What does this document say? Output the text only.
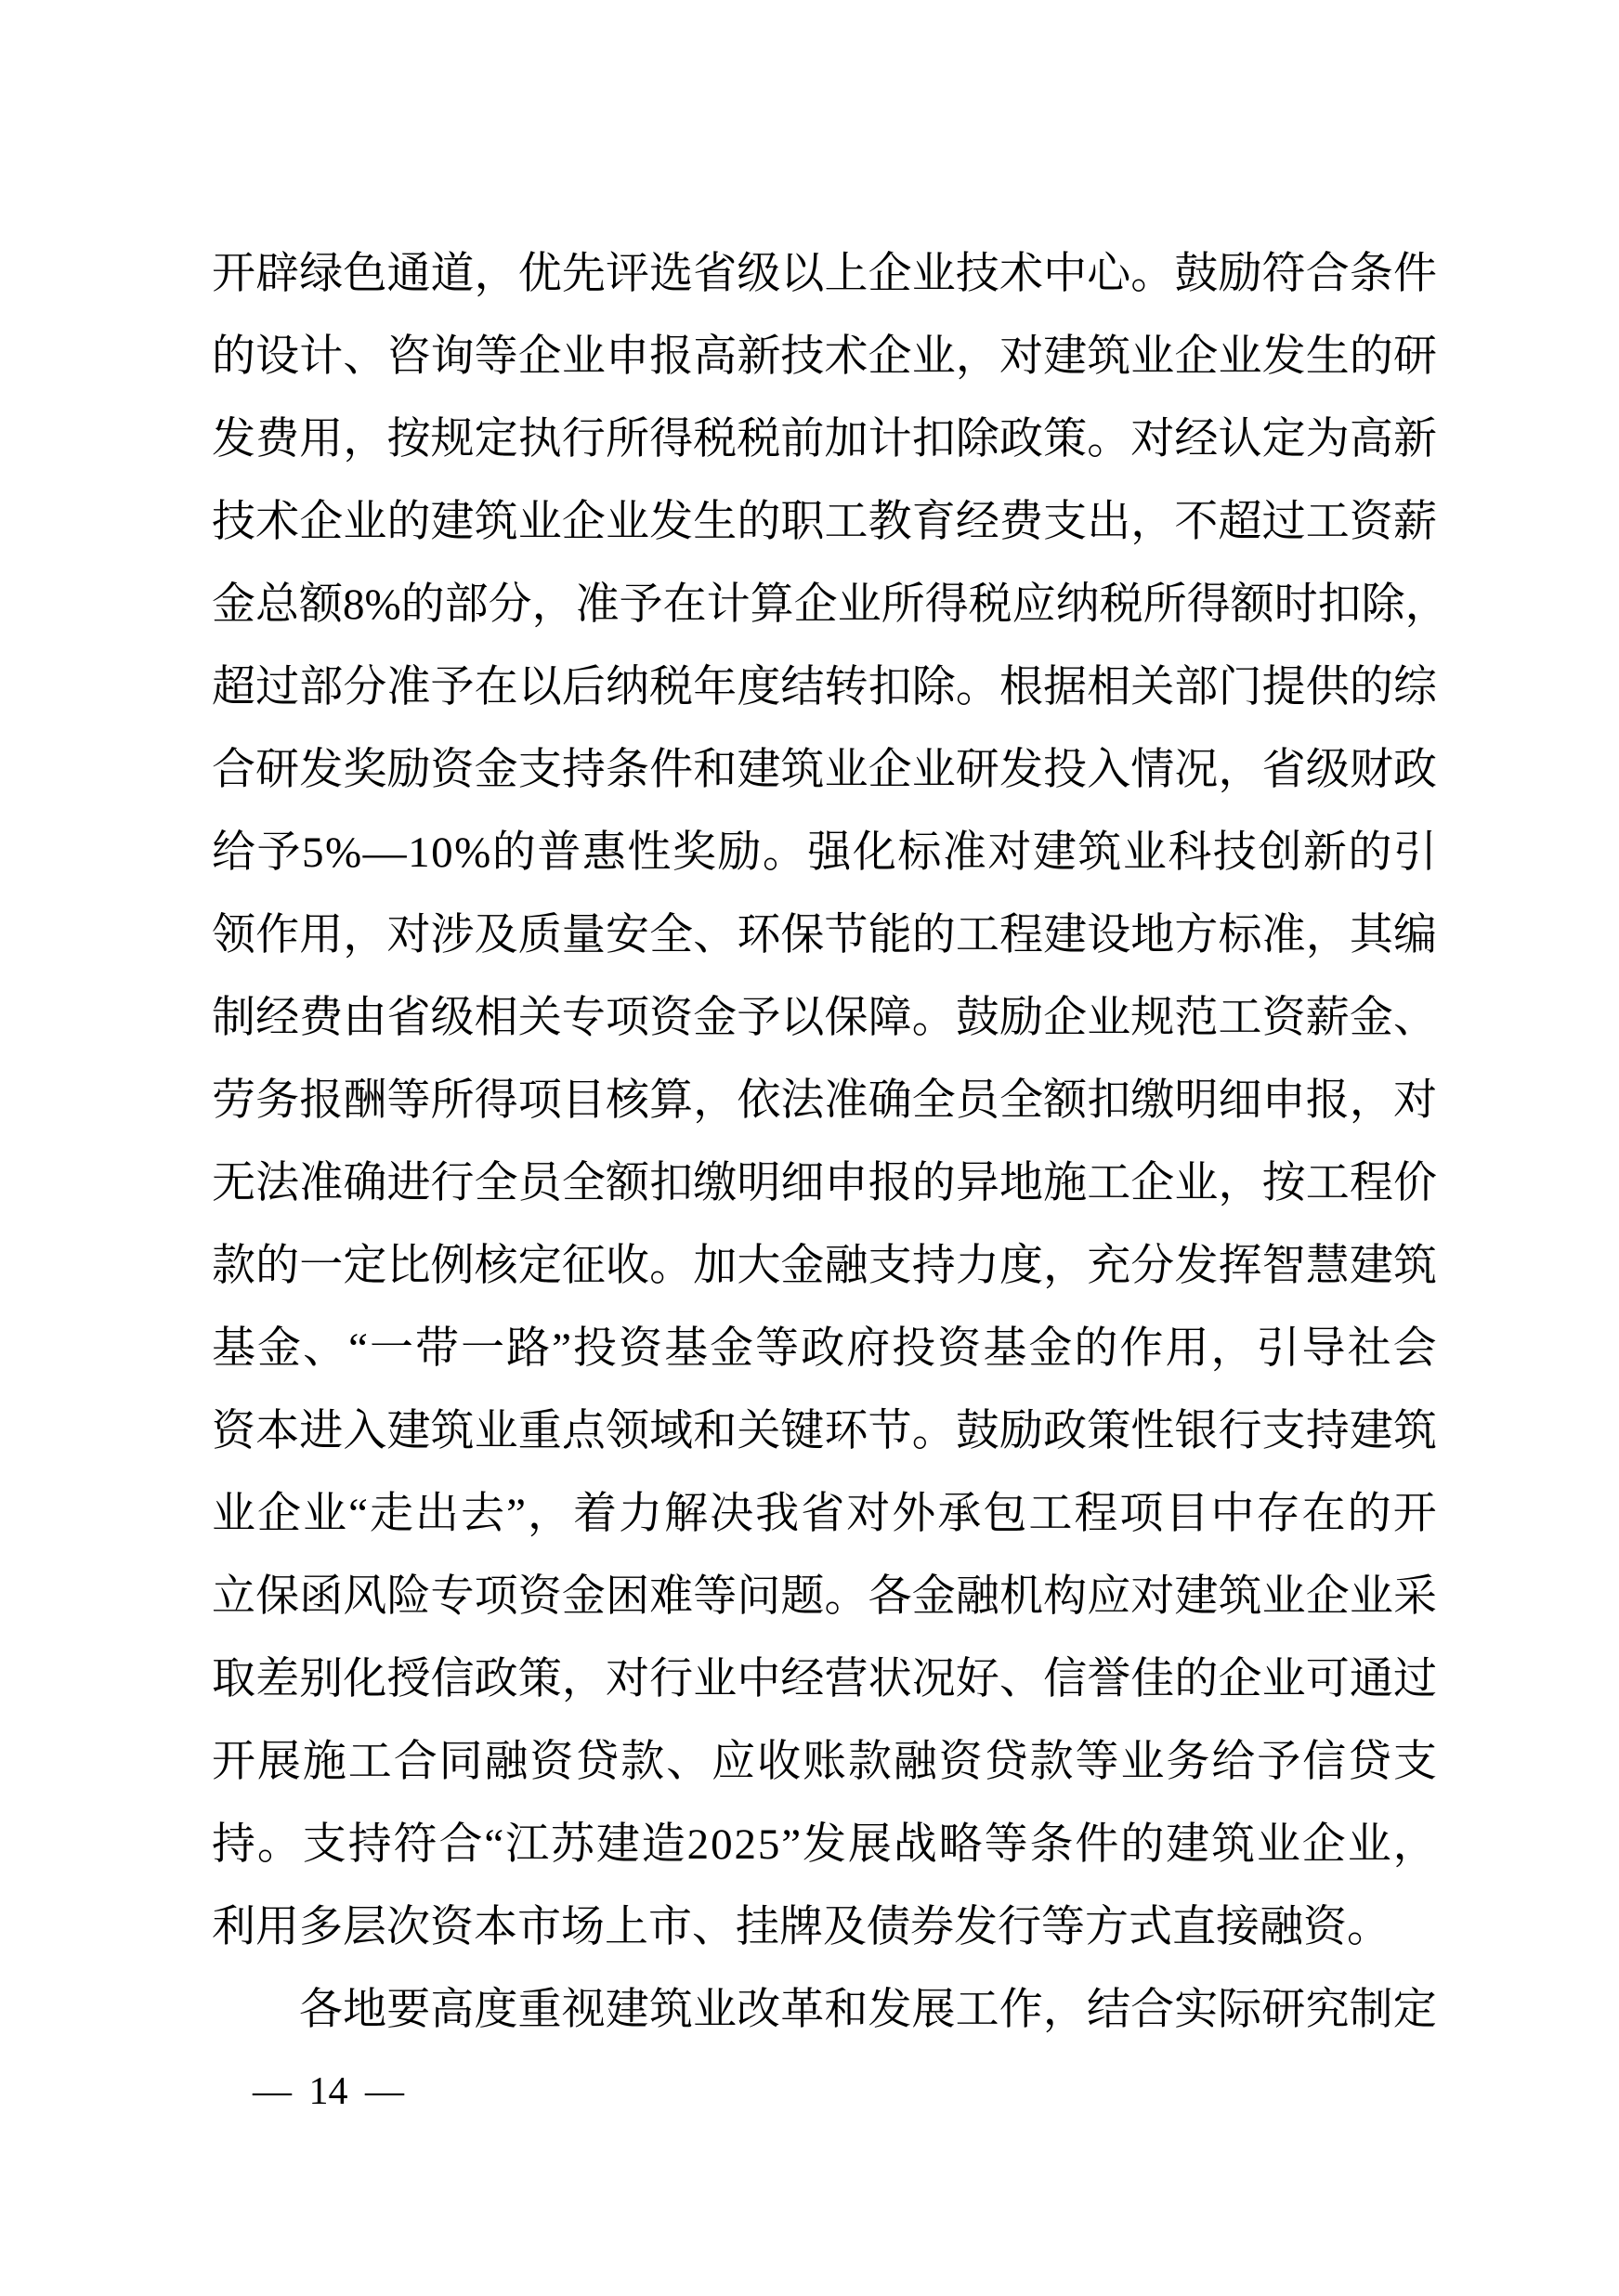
开 辟 绿 色 通 道 ， 优 先 评 选 省 级 以 上 企 业 技 术 中 心 。 鼓 励 符 合 条 件
的 设 计 、 咨 询 等 企 业 申 报 高 新 技 术 企 业 ， 对 建 筑 业 企 业 发 生 的 研
发 费 用 ， 按 规 定 执 行 所 得 税 税 前 加 计 扣 除 政 策 。 对 经 认 定 为 高 新
技 术 企 业 的 建 筑 业 企 业 发 生 的 职 工 教 育 经 费 支 出 ， 不 超 过 工 资 薪
金 总 额 8 % 的 部 分 ， 准 予 在 计 算 企 业 所 得 税 应 纳 税 所 得 额 时 扣 除 ，
超 过 部 分 准 予 在 以 后 纳 税 年 度 结 转 扣 除 。 根 据 相 关 部 门 提 供 的 综
合 研 发 奖 励 资 金 支 持 条 件 和 建 筑 业 企 业 研 发 投 入 情 况 ， 省 级 财 政
给 予 5 % — 1 0 % 的 普 惠 性 奖 励 。 强 化 标 准 对 建 筑 业 科 技 创 新 的 引
领 作 用 ， 对 涉 及 质 量 安 全 、 环 保 节 能 的 工 程 建 设 地 方 标 准 ， 其 编
制 经 费 由 省 级 相 关 专 项 资 金 予 以 保 障 。 鼓 励 企 业 规 范 工 资 薪 金 、
劳 务 报 酬 等 所 得 项 目 核 算 ， 依 法 准 确 全 员 全 额 扣 缴 明 细 申 报 ， 对
无 法 准 确 进 行 全 员 全 额 扣 缴 明 细 申 报 的 异 地 施 工 企 业 ， 按 工 程 价
款 的 一 定 比 例 核 定 征 收 。 加 大 金 融 支 持 力 度 ， 充 分 发 挥 智 慧 建 筑
基 金 、 “ 一 带 一 路 ” 投 资 基 金 等 政 府 投 资 基 金 的 作 用 ， 引 导 社 会
资 本 进 入 建 筑 业 重 点 领 域 和 关 键 环 节 。 鼓 励 政 策 性 银 行 支 持 建 筑
业 企 业 “ 走 出 去 ” ， 着 力 解 决 我 省 对 外 承 包 工 程 项 目 中 存 在 的 开
立 保 函 风 险 专 项 资 金 困 难 等 问 题 。 各 金 融 机 构 应 对 建 筑 业 企 业 采
取 差 别 化 授 信 政 策 ， 对 行 业 中 经 营 状 况 好 、 信 誉 佳 的 企 业 可 通 过
开 展 施 工 合 同 融 资 贷 款 、 应 收 账 款 融 资 贷 款 等 业 务 给 予 信 贷 支
持 。 支 持 符 合 “ 江 苏 建 造 2 0 2 5 ” 发 展 战 略 等 条 件 的 建 筑 业 企 业 ，
利 用 多 层 次 资 本 市 场 上 市 、 挂 牌 及 债 券 发 行 等 方 式 直 接 融 资 。
各 地 要 高 度 重 视 建 筑 业 改 革 和 发 展 工 作 ， 结 合 实 际 研 究 制 定
— 14 —
